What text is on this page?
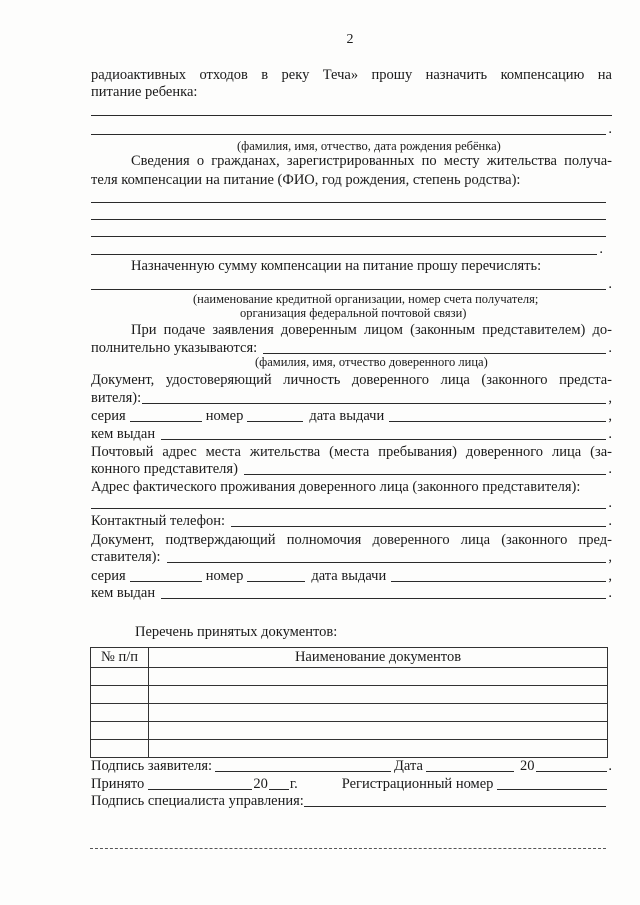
2
радиоактивных отходов в реку Теча» прошу назначить компенсацию на
питание ребенка:
.
(фамилия, имя, отчество, дата рождения ребёнка)
Сведения о гражданах, зарегистрированных по месту жительства получа-
теля компенсации на питание (ФИО, год рождения, степень родства):
.
Назначенную сумму компенсации на питание прошу перечислять:
.
(наименование кредитной организации, номер счета получателя;
организация федеральной почтовой связи)
При подаче заявления доверенным лицом (законным представителем) до-
полнительно указываются:	.
(фамилия, имя, отчество доверенного лица)
Документ, удостоверяющий личность доверенного лица (законного предста-
вителя):	,
серия	номер	дата выдачи	,
кем выдан	.
Почтовый адрес места жительства (места пребывания) доверенного лица (за-
конного представителя)	.
Адрес фактического проживания доверенного лица (законного представителя):
.
Контактный телефон:	.
Документ, подтверждающий полномочия доверенного лица (законного пред-
ставителя):	,
серия	номер	дата выдачи	,
кем выдан	.
Перечень принятых документов:
№ п/п	Наименование документов

Подпись заявителя:	Дата	20	.
Принято	20 г.	Регистрационный номер
Подпись специалиста управления:
